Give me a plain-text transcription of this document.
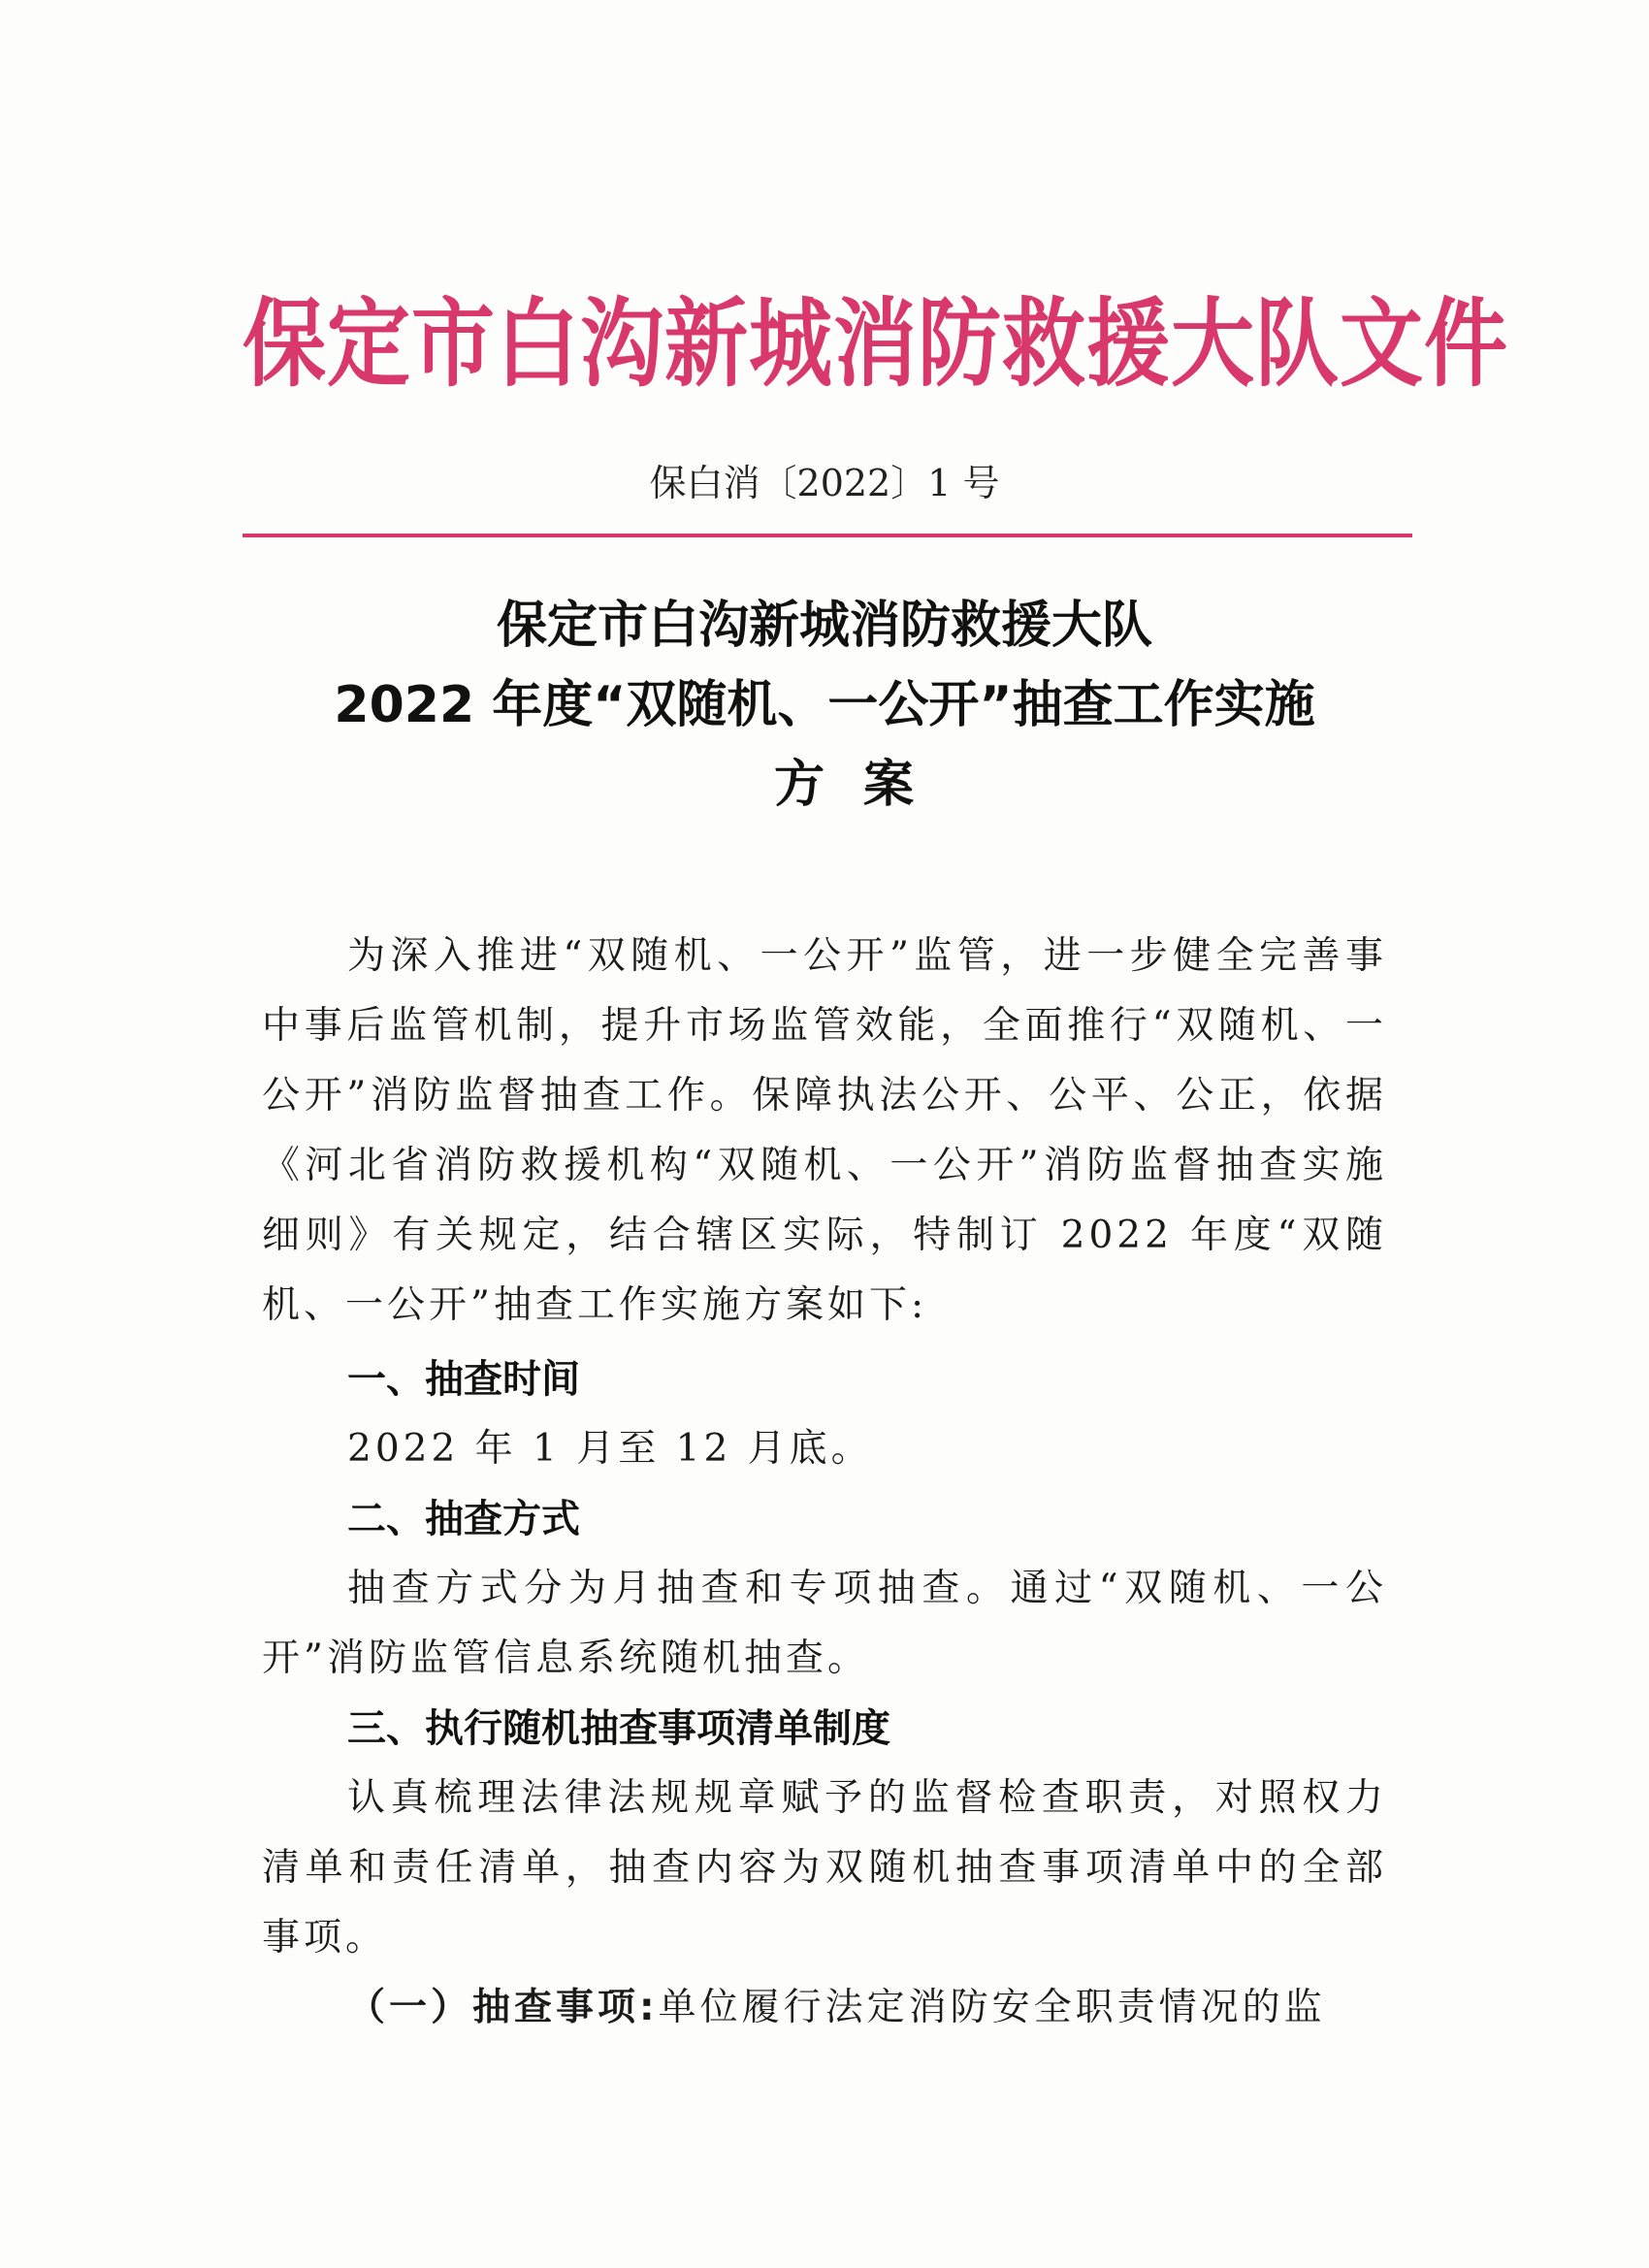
保定市白沟新城消防救援大队文件
保白消〔2022〕1 号
保定市白沟新城消防救援大队
2022 年度“双随机、一公开”抽查工作实施
方案
为深入推进“双随机、一公开”监管，进一步健全完善事中事后监管机制，提升市场监管效能，全面推行“双随机、一公开”消防监督抽查工作。保障执法公开、公平、公正，依据《河北省消防救援机构“双随机、一公开”消防监督抽查实施细则》有关规定，结合辖区实际，特制订 2022 年度“双随机、一公开”抽查工作实施方案如下:
一、抽查时间
2022 年 1 月至 12 月底。
二、抽查方式
抽查方式分为月抽查和专项抽查。通过“双随机、一公开”消防监管信息系统随机抽查。
三、执行随机抽查事项清单制度
认真梳理法律法规规章赋予的监督检查职责，对照权力清单和责任清单，抽查内容为双随机抽查事项清单中的全部事项。
（一）抽查事项:单位履行法定消防安全职责情况的监
